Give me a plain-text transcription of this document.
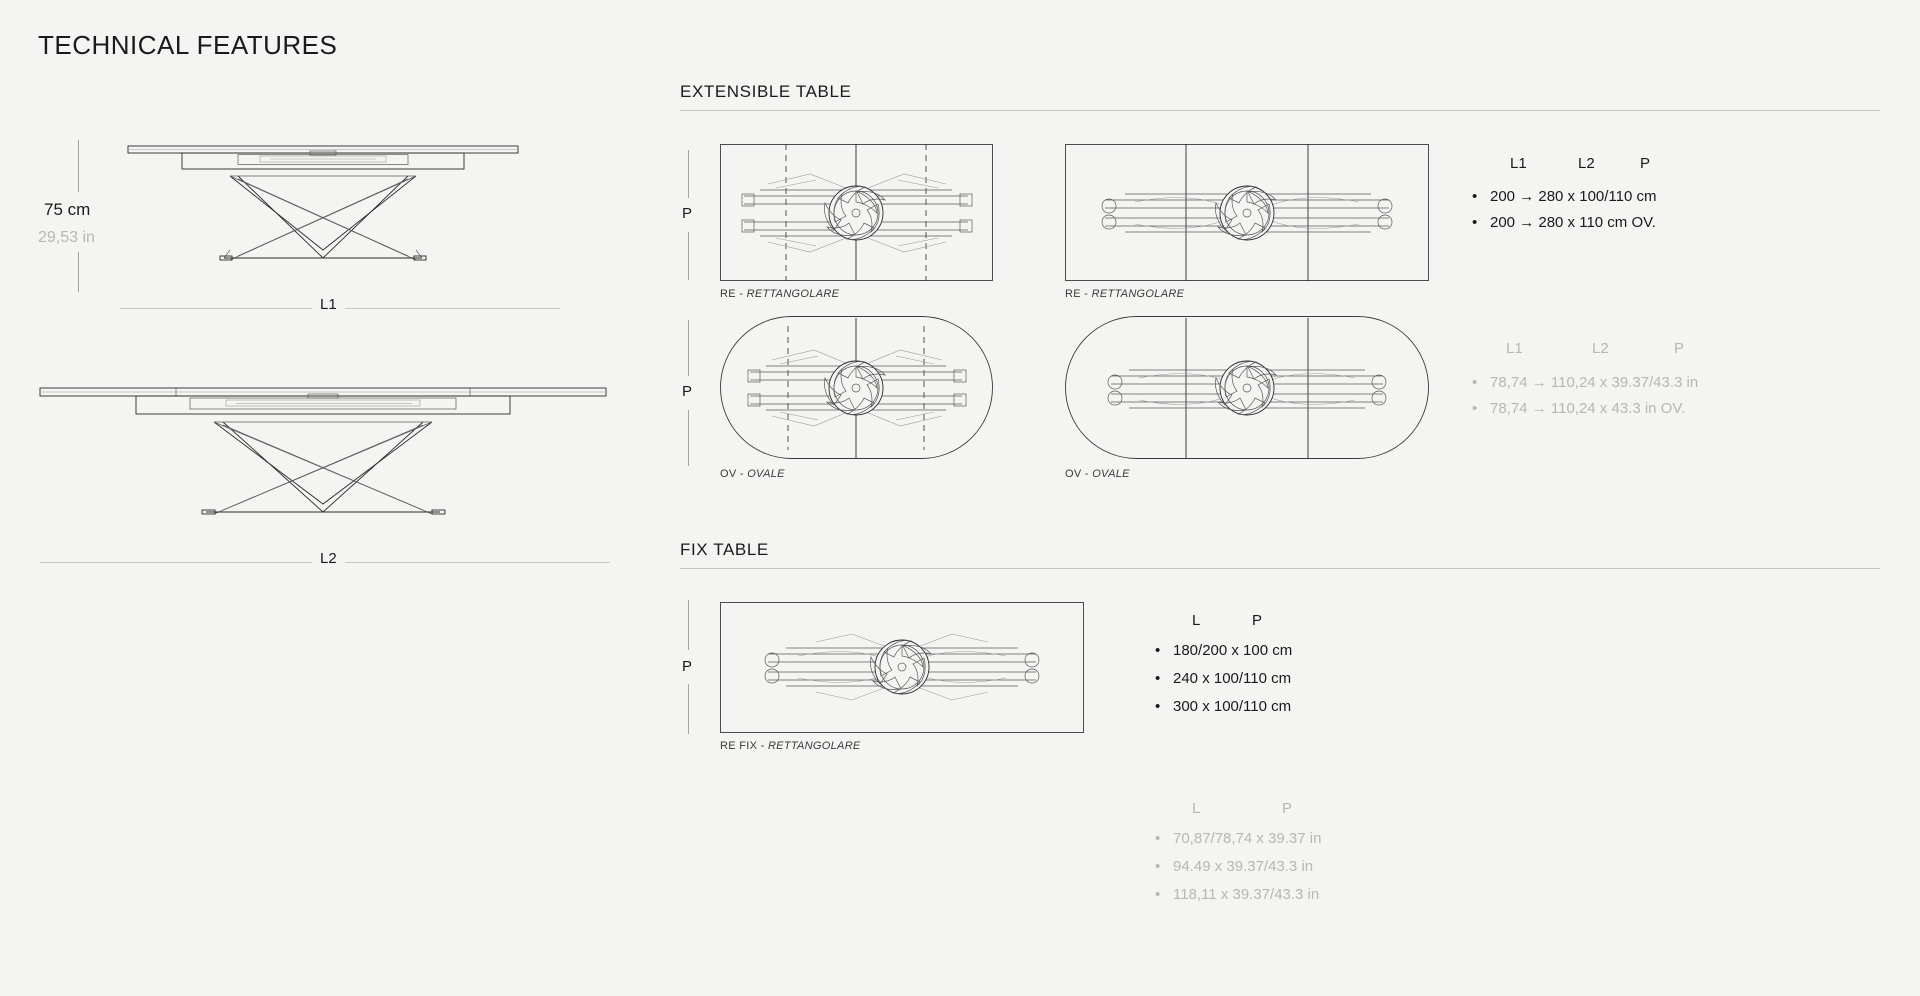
TECHNICAL FEATURES
75 cm
29,53 in
L1
L2
EXTENSIBLE TABLE
P
RE - RETTANGOLARE	RE - RETTANGOLARE
P
OV - OVALE	OV - OVALE
L1	L2	P
• 200 → 280 x 100/110 cm
• 200 → 280 x 110 cm OV.
L1	L2	P
• 78,74 → 110,24 x 39.37/43.3 in
• 78,74 → 110,24 x 43.3 in OV.
FIX TABLE
P
RE FIX - RETTANGOLARE
L	P
• 180/200 x 100 cm
• 240 x 100/110 cm
• 300 x 100/110 cm
L	P
• 70,87/78,74 x 39.37 in
• 94.49 x 39.37/43.3 in
• 118,11 x 39.37/43.3 in
